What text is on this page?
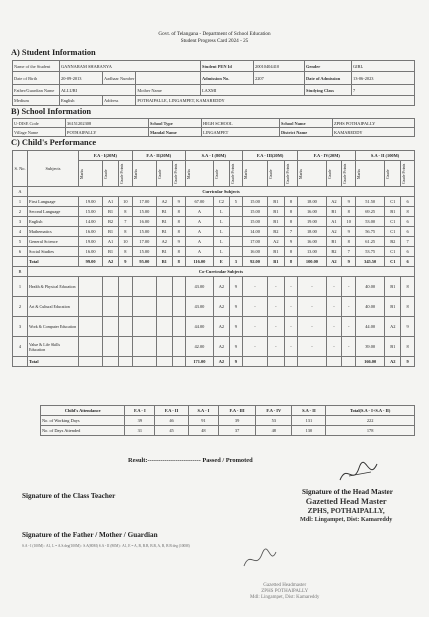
Govt. of Telangana - Department of School Education
Student Progress Card 2024 - 25
A) Student Information
Name of the Student	GANNARAM SHARANYA			Student PEN Id	20010404410	Gender	GIRL
Date of Birth	20-09-2013	Aadhaar Number		Admission No.	2207	Date of Admission	13-06-2023
Father/Guardian Name	ALLURI		Mother Name	LAXMI		Studying Class	7
Medium	English	Address	POTHAIPALLE, LINGAMPET, KAMAREDDY				
B) School Information
U-DISE Code	36151202308	School Type	HIGH SCHOOL	School Name	ZPHS POTHAIPALLY
Village Name	POTHAIPALLY	Mandal Name	LINGAMPET	District Name	KAMAREDDY
C) Child's Performance
S. No.	Subjects	F.A - I(20M)			F.A - II(20M)			S.A - I (80M)			F.A - III(20M)			F.A - IV(20M)			S.A - II (100M)		

		Marks	Grade	Grade Points	Marks	Grade	Grade Points	Marks	Grade	Grade Points	Marks	Grade	Grade Points	Marks	Grade	Grade Points	Marks	Grade	Grade Points

A	Curricular Subjects																		
1	First Language	19.00	A1	10	17.00	A2	9	67.00	C2	5	15.00	B1	8	18.00	A2	9	51.50	C1	6
2	Second Language	15.00	B1	8	15.00	B1	8	A	L		15.00	B1	8	16.00	B1	8	69.25	B1	8
3	English	14.00	B2	7	16.00	B1	8	A	L		15.00	B1	8	19.00	A1	10	53.00	C1	6
4	Mathematics	16.00	B1	8	15.00	B1	8	A	L		14.00	B2	7	18.00	A2	9	56.75	C1	6
5	General Science	19.00	A1	10	17.00	A2	9	A	L		17.00	A2	9	16.00	B1	8	61.25	B2	7
6	Social Studies	16.00	B1	8	15.00	B1	8	A	L		16.00	B1	8	13.00	B2	7	53.75	C1	6
	Total	99.00	A2	9	95.00	B1	8	116.00	E	3	92.00	B1	8	100.00	A2	9	345.50	C1	6
B	Co-Curricular Subjects																		
1	Health & Physical Education							43.00	A2	9	-	-	-	-	-	-	40.00	B1	8
2	Art & Cultural Education							43.00	A2	9	-	-	-	-	-	-	40.00	B1	8
3	Work & Computer Education							44.00	A2	9	-	-	-	-	-	-	44.00	A2	9
4	Value & Life Skills Education							42.00	A2	9	-	-	-	-	-	-	39.00	B1	8
	Total							171.00	A2	9							166.00	A2	9
Child's Attendance	F.A - I	F.A - II	S.A - I	F.A - III	F.A - IV	S.A - II	Total(S.A - I+S.A - II)
No. of Working Days	39	46	91	39	53	131	222
No. of Days Attended	31	45	48	37	48	130	178
Result:------------------------- Passed / Promoted
Signature of the Class Teacher	Signature of the Head Master
Gazetted Head Master
ZPHS, POTHAIPALLY,
Mdl: Lingampet, Dist: Kamareddy
Signature of the Father / Mother / Guardian
S.A - I (100M) : A1, L = A.S.deg(100M) : S.A(80M) S.A - II (80M) : A1, E = A, B, B.B, B.B, A, B, B B deg (100M)
Gazetted Headmaster
ZPHS POTHAIPALLY
Mdl: Lingampet, Dist: Kamareddy
